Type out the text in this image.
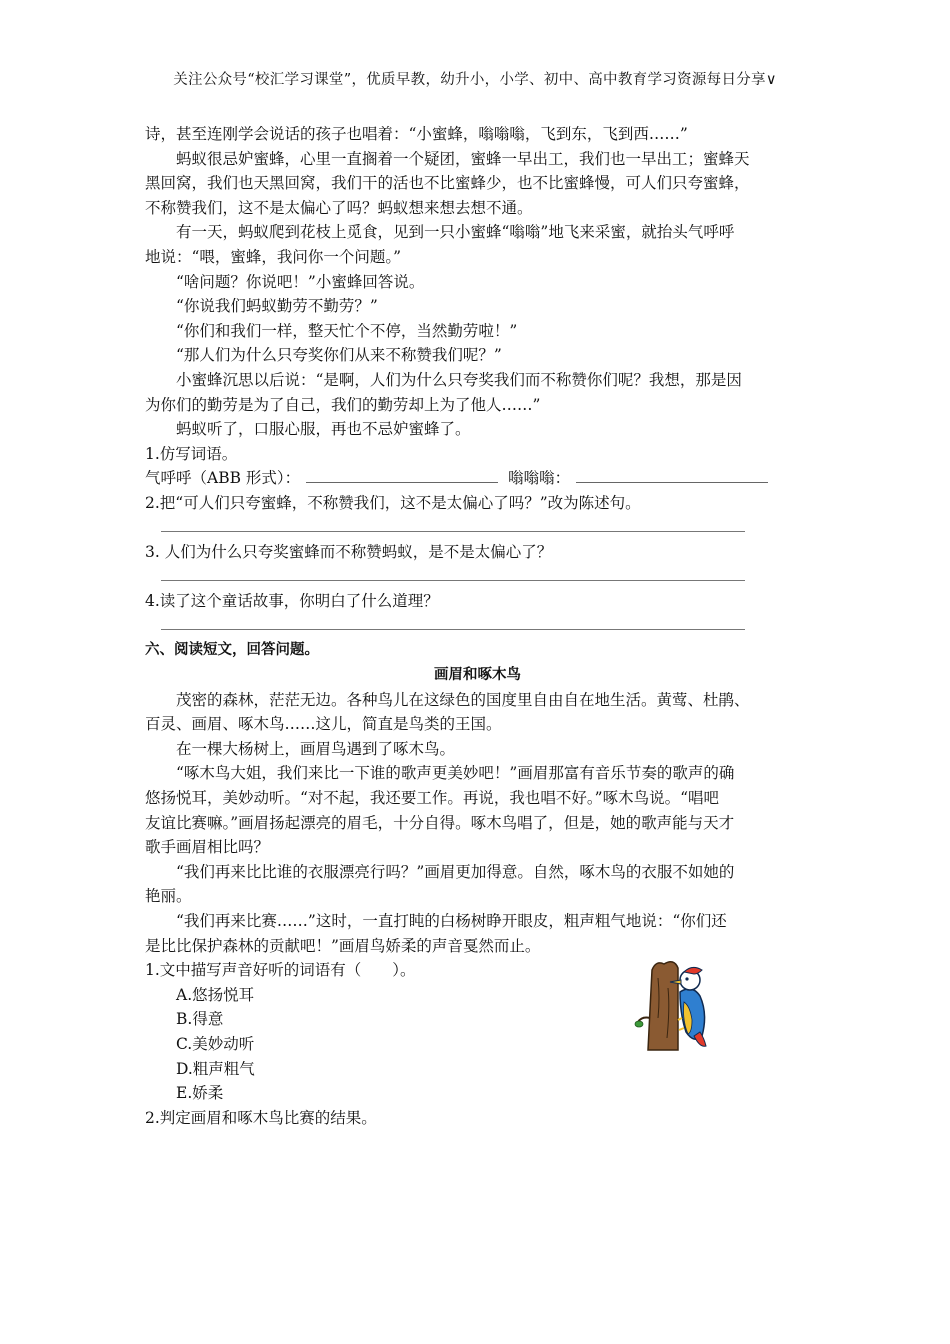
关注公众号“校汇学习课堂”，优质早教，幼升小，小学、初中、高中教育学习资源每日分享∨
诗，甚至连刚学会说话的孩子也唱着：“小蜜蜂，嗡嗡嗡，飞到东，飞到西……”
蚂蚁很忌妒蜜蜂，心里一直搁着一个疑团，蜜蜂一早出工，我们也一早出工；蜜蜂天
黑回窝，我们也天黑回窝，我们干的活也不比蜜蜂少，也不比蜜蜂慢，可人们只夸蜜蜂，
不称赞我们，这不是太偏心了吗？蚂蚁想来想去想不通。
有一天，蚂蚁爬到花枝上觅食，见到一只小蜜蜂“嗡嗡”地飞来采蜜，就抬头气呼呼
地说：“喂，蜜蜂，我问你一个问题。”
“啥问题？你说吧！”小蜜蜂回答说。
“你说我们蚂蚁勤劳不勤劳？”
“你们和我们一样，整天忙个不停，当然勤劳啦！”
“那人们为什么只夸奖你们从来不称赞我们呢？”
小蜜蜂沉思以后说：“是啊，人们为什么只夸奖我们而不称赞你们呢？我想，那是因
为你们的勤劳是为了自己，我们的勤劳却上为了他人……”
蚂蚁听了，口服心服，再也不忌妒蜜蜂了。
1.仿写词语。
气呼呼（ABB 形式）：	嗡嗡嗡：
2.把“可人们只夸蜜蜂，不称赞我们，这不是太偏心了吗？”改为陈述句。
3. 人们为什么只夸奖蜜蜂而不称赞蚂蚁，是不是太偏心了？
4.读了这个童话故事，你明白了什么道理？
六、阅读短文，回答问题。
画眉和啄木鸟
茂密的森林，茫茫无边。各种鸟儿在这绿色的国度里自由自在地生活。黄莺、杜鹃、
百灵、画眉、啄木鸟……这儿，简直是鸟类的王国。
在一棵大杨树上，画眉鸟遇到了啄木鸟。
“啄木鸟大姐，我们来比一下谁的歌声更美妙吧！”画眉那富有音乐节奏的歌声的确
悠扬悦耳，美妙动听。“对不起，我还要工作。再说，我也唱不好。”啄木鸟说。“唱吧
友谊比赛嘛。”画眉扬起漂亮的眉毛，十分自得。啄木鸟唱了，但是，她的歌声能与天才
歌手画眉相比吗？
“我们再来比比谁的衣服漂亮行吗？”画眉更加得意。自然，啄木鸟的衣服不如她的
艳丽。
“我们再来比赛……”这时，一直打盹的白杨树睁开眼皮，粗声粗气地说：“你们还
是比比保护森林的贡献吧！”画眉鸟娇柔的声音戛然而止。
1.文中描写声音好听的词语有（　　）。
A.悠扬悦耳
B.得意
C.美妙动听
D.粗声粗气
E.娇柔
2.判定画眉和啄木鸟比赛的结果。
